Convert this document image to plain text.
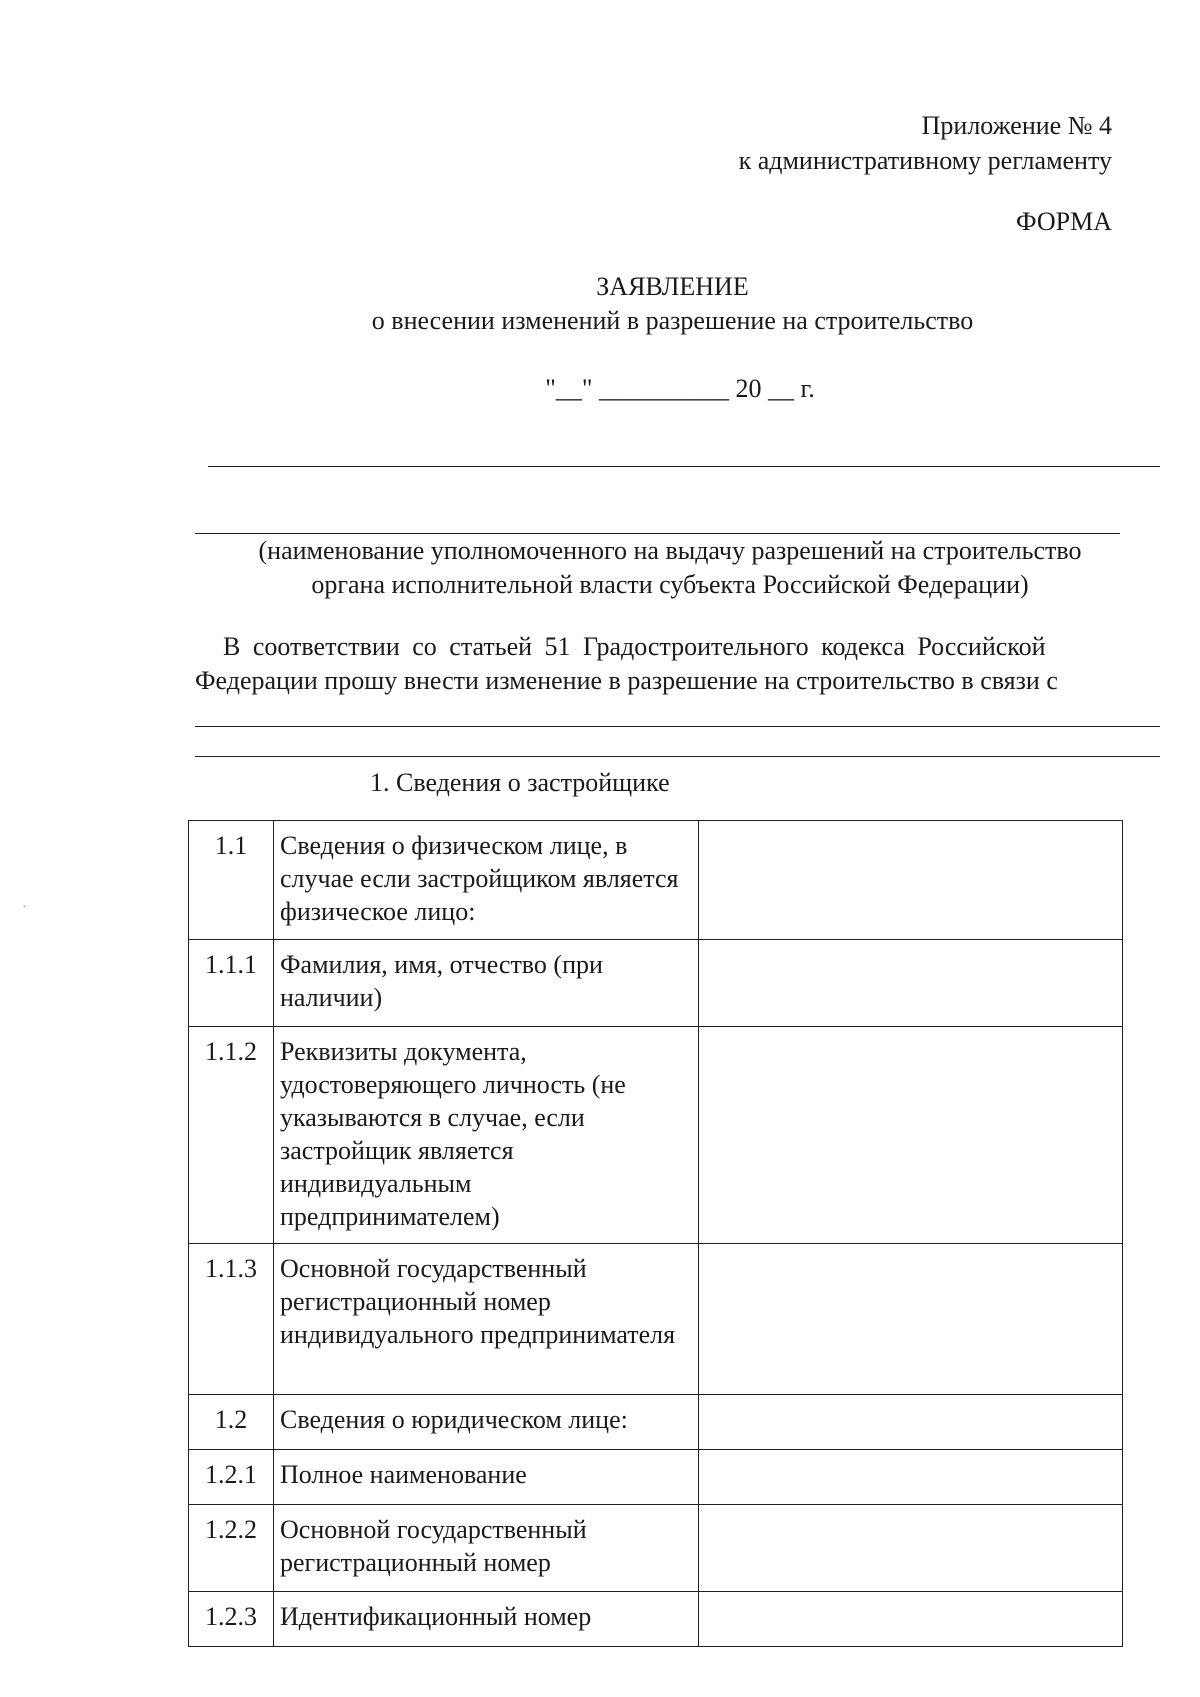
Приложение № 4
к административному регламенту
ФОРМА
ЗАЯВЛЕНИЕ
о внесении изменений в разрешение на строительство
"__" __________ 20 __ г.
(наименование уполномоченного на выдачу разрешений на строительство
органа исполнительной власти субъекта Российской Федерации)
В соответствии со статьей 51 Градостроительного кодекса Российской
Федерации прошу внести изменение в разрешение на строительство в связи с
1. Сведения о застройщике
1.1	Сведения о физическом лице, в случае если застройщиком является физическое лицо:	
1.1.1	Фамилия, имя, отчество (при наличии)	
1.1.2	Реквизиты документа, удостоверяющего личность (не указываются в случае, если застройщик является индивидуальным предпринимателем)	
1.1.3	Основной государственный регистрационный номер индивидуального предпринимателя	
1.2	Сведения о юридическом лице:	
1.2.1	Полное наименование	
1.2.2	Основной государственный регистрационный номер	
1.2.3	Идентификационный номер	
·
